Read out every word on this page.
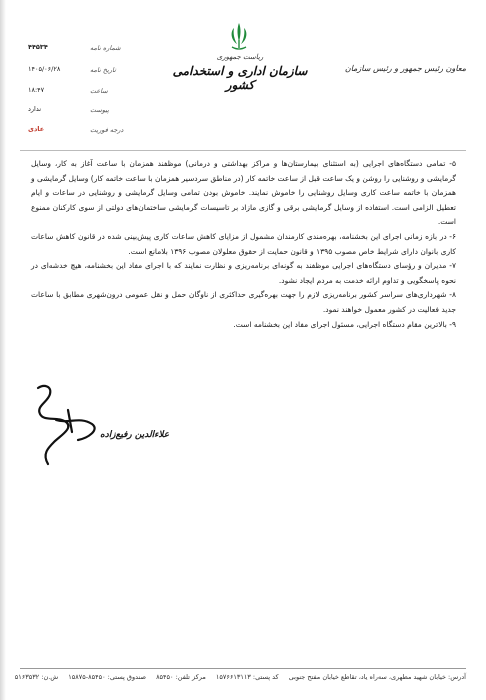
شماره نامه
۴۴۵۳۴
تاریخ نامه
۱۴۰۵/۰۶/۲۸
ساعت
۱۸:۴۷
پیوست
ندارد
درجه فوریت
عادی
ریاست جمهوری
سازمان اداری و استخدامی کشور
معاون رئیس جمهور و رئیس سازمان

۵- تمامی دستگاه‌های اجرایی (به استثنای بیمارستان‌ها و مراکز بهداشتی و درمانی) موظفند همزمان با ساعت آغاز به کار، وسایل گرمایشی و روشنایی را روشن و یک ساعت قبل از ساعت خاتمه کار (در مناطق سردسیر همزمان با ساعت خاتمه کار) وسایل گرمایشی و همزمان با خاتمه ساعت کاری وسایل روشنایی را خاموش نمایند. خاموش بودن تمامی وسایل گرمایشی و روشنایی در ساعات و ایام تعطیل الزامی است. استفاده از وسایل گرمایشی برقی و گازی مازاد بر تاسیسات گرمایشی ساختمان‌های دولتی از سوی کارکنان ممنوع است.

۶- در بازه زمانی اجرای این بخشنامه، بهره‌مندی کارمندان مشمول از مزایای کاهش ساعات کاری پیش‌بینی شده در قانون کاهش ساعات کاری بانوان دارای شرایط خاص مصوب ۱۳۹۵ و قانون حمایت از حقوق معلولان مصوب ۱۳۹۶ بلامانع است.

۷- مدیران و رؤسای دستگاه‌های اجرایی موظفند به گونه‌ای برنامه‌ریزی و نظارت نمایند که با اجرای مفاد این بخشنامه، هیچ خدشه‌ای در نحوه پاسخگویی و تداوم ارائه خدمت به مردم ایجاد نشود.

۸- شهرداری‌های سراسر کشور برنامه‌ریزی لازم را جهت بهره‌گیری حداکثری از ناوگان حمل و نقل عمومی درون‌شهری مطابق با ساعات جدید فعالیت در کشور معمول خواهند نمود.

۹- بالاترین مقام دستگاه اجرایی، مسئول اجرای مفاد این بخشنامه است.

علاء‌الدین رفیع‌زاده
آدرس: خیابان شهید مطهری، سه‌راه یاد، تقاطع خیابان مفتح جنوبی کد پستی: ۱۵۷۶۶۱۳۱۱۳ مرکز تلفن: ۸۵۴۵۰ صندوق پستی: ۸۵۴۵۰-۱۵۸۷۵ ش.ن: ۵۱۶۳۵۳۲
